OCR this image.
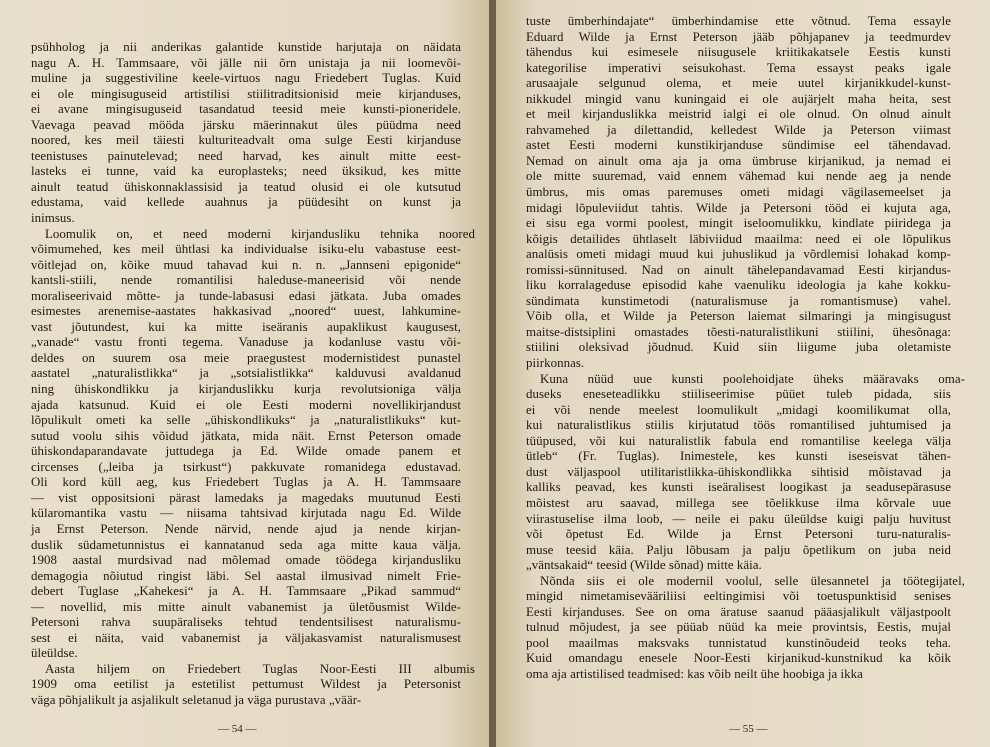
psühholog ja nii anderikas galantide kunstide harjutaja on näidata
nagu A. H. Tammsaare, või jälle nii õrn unistaja ja nii loomevõi-
muline ja suggestiviline keele-virtuos nagu Friedebert Tuglas. Kuid
ei ole mingisuguseid artistilisi stiilitraditsionisid meie kirjanduses,
ei avane mingisuguseid tasandatud teesid meie kunsti-pioneridele.
Vaevaga peavad mööda järsku mäerinnakut üles püüdma need
noored, kes meil täiesti kulturiteadvalt oma sulge Eesti kirjanduse
teenistuses painutelevad; need harvad, kes ainult mitte eest-
lasteks ei tunne, vaid ka europlasteks; need üksikud, kes mitte
ainult teatud ühiskonnaklassisid ja teatud olusid ei ole kutsutud
edustama, vaid kellede auahnus ja püüdesiht on kunst ja
inimsus.
Loomulik on, et need moderni kirjandusliku tehnika noored
võimumehed, kes meil ühtlasi ka individualse isiku-elu vabastuse eest-
võitlejad on, kõike muud tahavad kui n. n. „Jannseni epigonide“
kantsli-stiili, nende romantilisi haleduse-maneerisid või nende
moraliseerivaid mõtte- ja tunde-labasusi edasi jätkata. Juba omades
esimestes arenemise-aastates hakkasivad „noored“ uuest, lahkumine-
vast jõutundest, kui ka mitte iseäranis aupaklikust kaugusest,
„vanade“ vastu fronti tegema. Vanaduse ja kodanluse vastu või-
deldes on suurem osa meie praegustest modernistidest punastel
aastatel „naturalistlikka“ ja „sotsialistlikka“ kalduvusi avaldanud
ning ühiskondlikku ja kirjanduslikku kurja revolutsioniga välja
ajada katsunud. Kuid ei ole Eesti moderni novellikirjandust
lõpulikult ometi ka selle „ühiskondlikuks“ ja „naturalistlikuks“ kut-
sutud voolu sihis võidud jätkata, mida näit. Ernst Peterson omade
ühiskondaparandavate juttudega ja Ed. Wilde omade panem et
circenses („leiba ja tsirkust“) pakkuvate romanidega edustavad.
Oli kord küll aeg, kus Friedebert Tuglas ja A. H. Tammsaare
— vist oppositsioni pärast lamedaks ja magedaks muutunud Eesti
külaromantika vastu — niisama tahtsivad kirjutada nagu Ed. Wilde
ja Ernst Peterson. Nende närvid, nende ajud ja nende kirjan-
duslik südametunnistus ei kannatanud seda aga mitte kaua välja.
1908 aastal murdsivad nad mõlemad omade töödega kirjandusliku
demagogia nõiutud ringist läbi. Sel aastal ilmusivad nimelt Frie-
debert Tuglase „Kahekesi“ ja A. H. Tammsaare „Pikad sammud“
— novellid, mis mitte ainult vabanemist ja ületõusmist Wilde-
Petersoni rahva suupäraliseks tehtud tendentsilisest naturalismu-
sest ei näita, vaid vabanemist ja väljakasvamist naturalismusest
üleüldse.
Aasta hiljem on Friedebert Tuglas Noor-Eesti III albumis
1909 oma eetilist ja estetilist pettumust Wildest ja Petersonist
väga põhjalikult ja asjalikult seletanud ja väga purustava „väär-
— 54 —
tuste ümberhindajate“ ümberhindamise ette võtnud. Tema essayle
Eduard Wilde ja Ernst Peterson jääb põhjapanev ja teedmurdev
tähendus kui esimesele niisugusele kriitikakatsele Eestis kunsti
kategorilise imperativi seisukohast. Tema essayst peaks igale
arusaajale selgunud olema, et meie uutel kirjanikkudel-kunst-
nikkudel mingid vanu kuningaid ei ole aujärjelt maha heita, sest
et meil kirjanduslikka meistrid ialgi ei ole olnud. On olnud ainult
rahvamehed ja dilettandid, kelledest Wilde ja Peterson viimast
astet Eesti moderni kunstikirjanduse sündimise eel tähendavad.
Nemad on ainult oma aja ja oma ümbruse kirjanikud, ja nemad ei
ole mitte suuremad, vaid ennem vähemad kui nende aeg ja nende
ümbrus, mis omas paremuses ometi midagi vägilasemeelset ja
midagi lõpuleviidut tahtis. Wilde ja Petersoni tööd ei kujuta aga,
ei sisu ega vormi poolest, mingit iseloomulikku, kindlate piiridega ja
kõigis detailides ühtlaselt läbiviidud maailma: need ei ole lõpulikus
analüsis ometi midagi muud kui juhuslikud ja võrdlemisi lohakad komp-
romissi-sünnitused. Nad on ainult tähelepandavamad Eesti kirjandus-
liku korralageduse episodid kahe vaenuliku ideologia ja kahe kokku-
sündimata kunstimetodi (naturalismuse ja romantismuse) vahel.
Võib olla, et Wilde ja Peterson laiemat silmaringi ja mingisugust
maitse-distsiplini omastades tõesti-naturalistlikuni stiilini, ühesõnaga:
stiilini oleksivad jõudnud. Kuid siin liigume juba oletamiste
piirkonnas.
Kuna nüüd uue kunsti poolehoidjate üheks määravaks oma-
duseks eneseteadlikku stiiliseerimise püüet tuleb pidada, siis
ei või nende meelest loomulikult „midagi koomilikumat olla,
kui naturalistlikus stiilis kirjutatud töös romantilised juhtumised ja
tüüpused, või kui naturalistlik fabula end romantilise keelega välja
ütleb“ (Fr. Tuglas). Inimestele, kes kunsti iseseisvat tähen-
dust väljaspool utilitaristlikka-ühiskondlikka sihtisid mõistavad ja
kalliks peavad, kes kunsti iseäralisest loogikast ja seadusepärasuse
mõistest aru saavad, millega see tõelikkuse ilma kõrvale uue
viirastuselise ilma loob, — neile ei paku üleüldse kuigi palju huvitust
või õpetust Ed. Wilde ja Ernst Petersoni turu-naturalis-
muse teesid käia. Palju lõbusam ja palju õpetlikum on juba neid
„väntsakaid“ teesid (Wilde sõnad) mitte käia.
Nõnda siis ei ole modernil voolul, selle ülesannetel ja töötegijatel,
mingid nimetamisevääriliisi eeltingimisi või toetuspunktisid senises
Eesti kirjanduses. See on oma äratuse saanud pääasjalikult väljastpoolt
tulnud mõjudest, ja see püüab nüüd ka meie provintsis, Eestis, mujal
pool maailmas maksvaks tunnistatud kunstinõudeid teoks teha.
Kuid omandagu enesele Noor-Eesti kirjanikud-kunstnikud ka kõik
oma aja artistilised teadmised: kas võib neilt ühe hoobiga ja ikka
— 55 —
